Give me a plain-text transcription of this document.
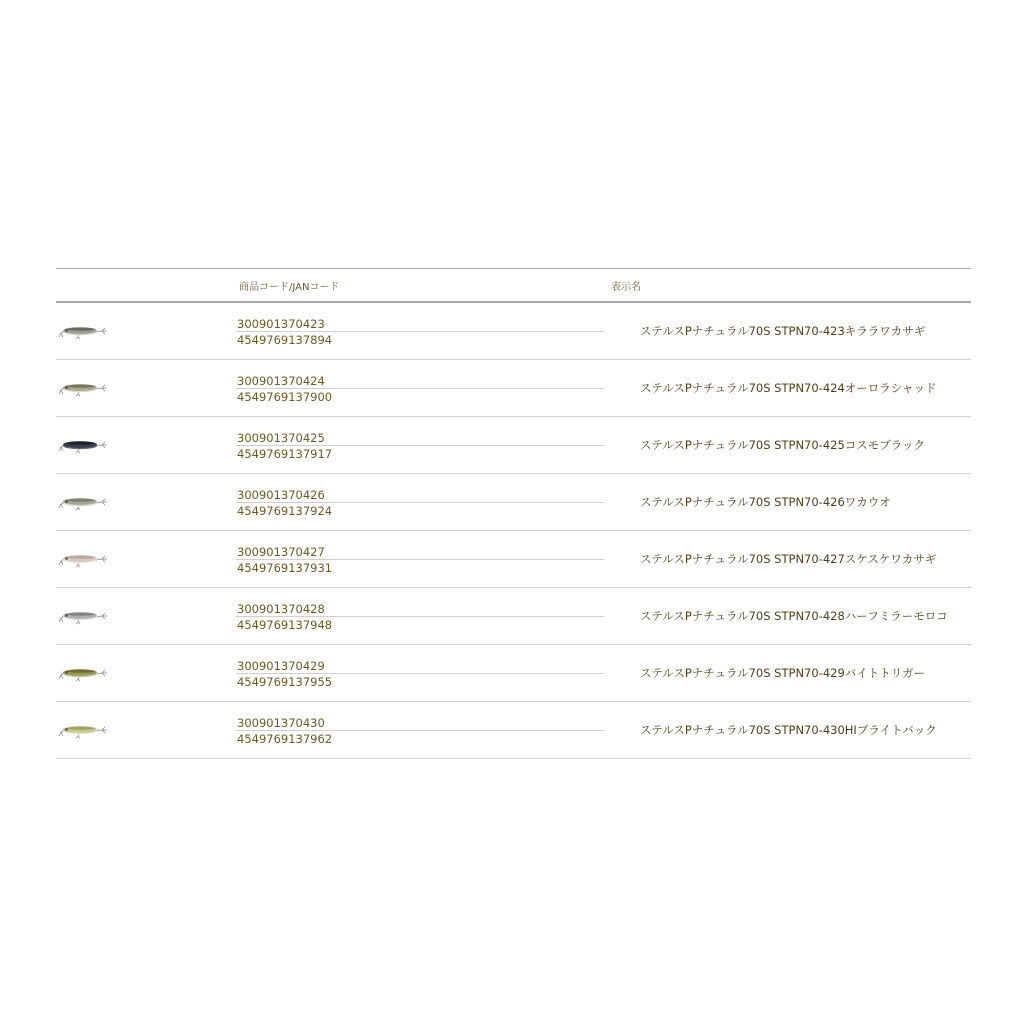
商品コード/JANコード	表示名
300901370423
4549769137894
ステルスPナチュラル70S STPN70-423キララワカサギ
300901370424
4549769137900
ステルスPナチュラル70S STPN70-424オーロラシャッド
300901370425
4549769137917
ステルスPナチュラル70S STPN70-425コスモブラック
300901370426
4549769137924
ステルスPナチュラル70S STPN70-426ワカウオ
300901370427
4549769137931
ステルスPナチュラル70S STPN70-427スケスケワカサギ
300901370428
4549769137948
ステルスPナチュラル70S STPN70-428ハーフミラーモロコ
300901370429
4549769137955
ステルスPナチュラル70S STPN70-429バイトトリガー
300901370430
4549769137962
ステルスPナチュラル70S STPN70-430HIブライトバック
